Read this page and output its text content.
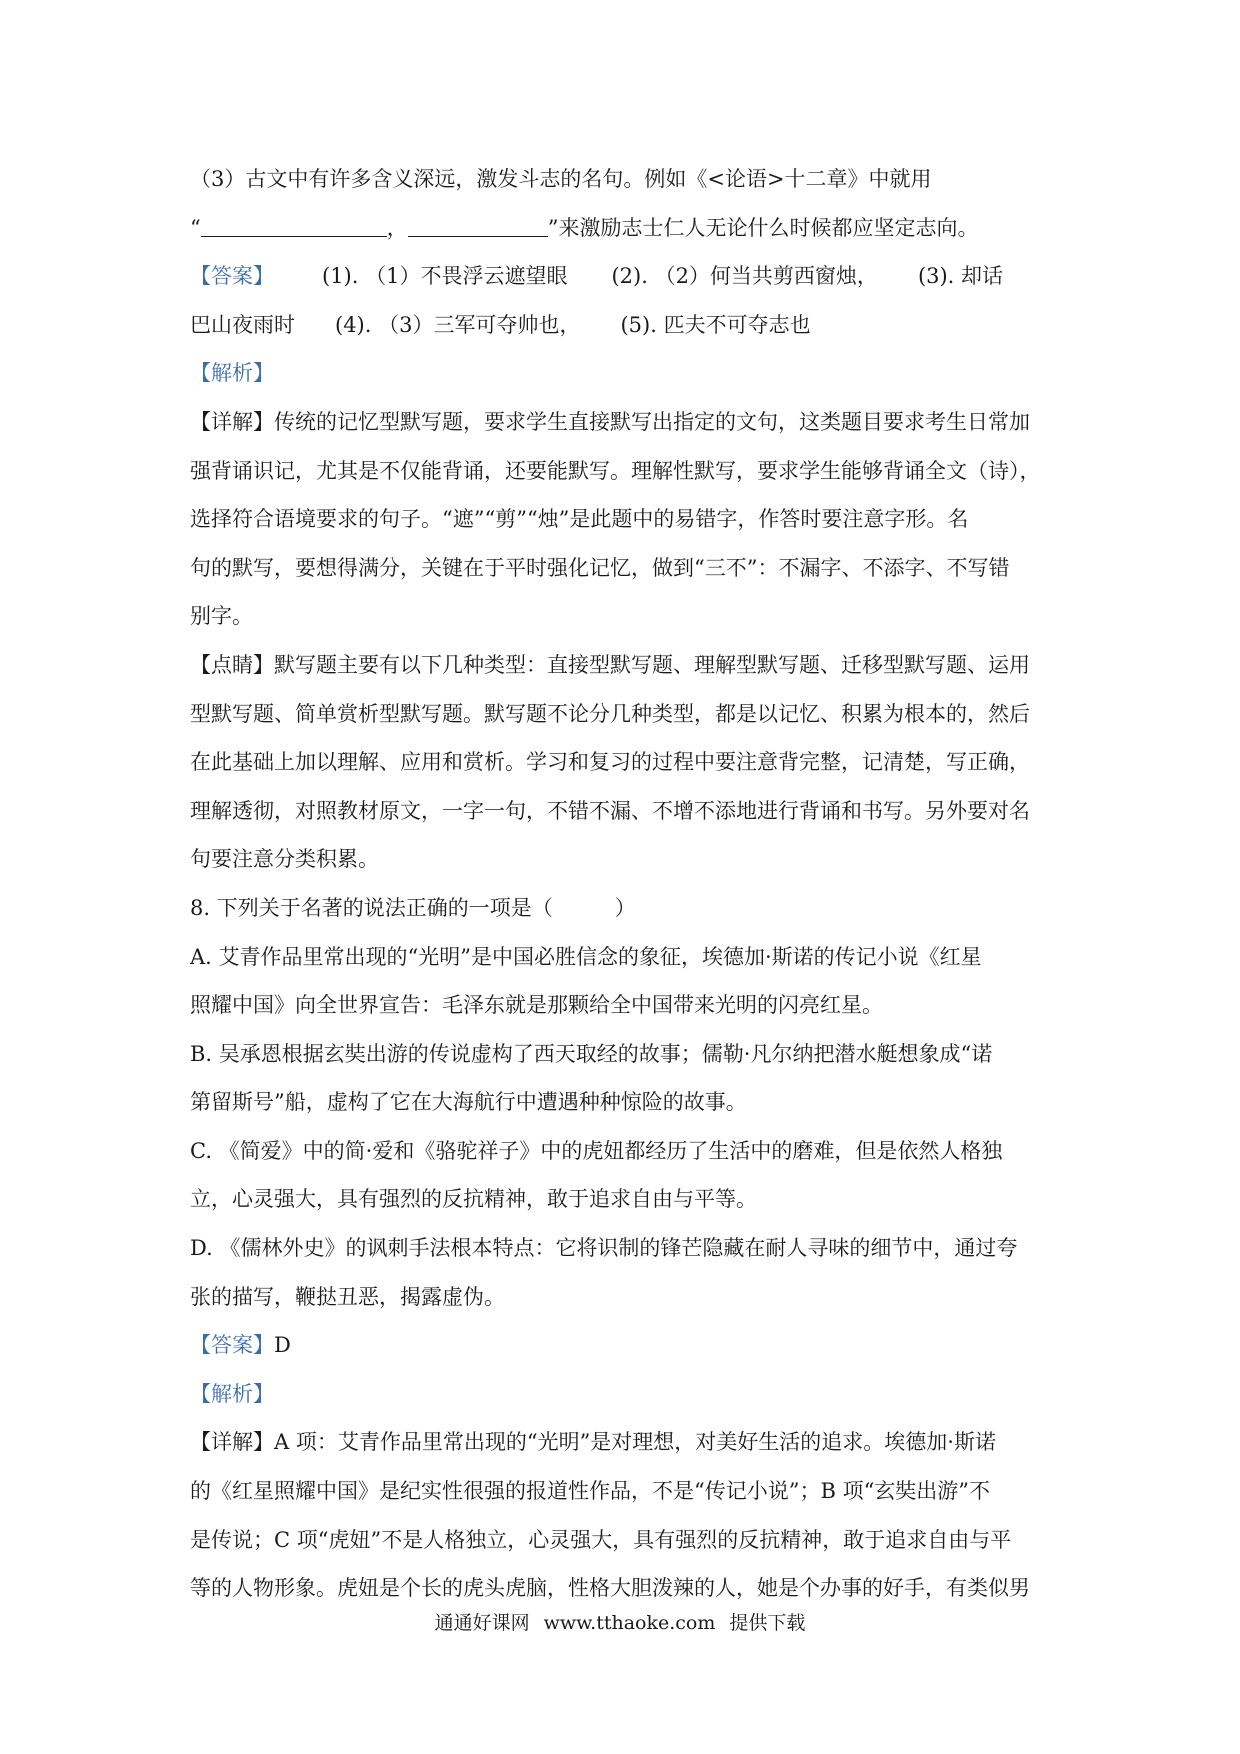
（3）古文中有许多含义深远，激发斗志的名句。例如《<论语>十二章》中就用
“	，	”来激励志士仁人无论什么时候都应坚定志向。
【答案】 (1). （1）不畏浮云遮望眼 (2). （2）何当共剪西窗烛， (3). 却话
巴山夜雨时 (4). （3）三军可夺帅也， (5). 匹夫不可夺志也
【解析】
【详解】传统的记忆型默写题，要求学生直接默写出指定的文句，这类题目要求考生日常加
强背诵识记，尤其是不仅能背诵，还要能默写。理解性默写，要求学生能够背诵全文（诗），
选择符合语境要求的句子。“遮”“剪”“烛”是此题中的易错字，作答时要注意字形。名
句的默写，要想得满分，关键在于平时强化记忆，做到“三不”：不漏字、不添字、不写错
别字。
【点睛】默写题主要有以下几种类型：直接型默写题、理解型默写题、迁移型默写题、运用
型默写题、简单赏析型默写题。默写题不论分几种类型，都是以记忆、积累为根本的，然后
在此基础上加以理解、应用和赏析。学习和复习的过程中要注意背完整，记清楚，写正确，
理解透彻，对照教材原文，一字一句，不错不漏、不增不添地进行背诵和书写。另外要对名
句要注意分类积累。
8. 下列关于名著的说法正确的一项是（	）
A. 艾青作品里常出现的“光明”是中国必胜信念的象征，埃德加·斯诺的传记小说《红星
照耀中国》向全世界宣告：毛泽东就是那颗给全中国带来光明的闪亮红星。
B. 吴承恩根据玄奘出游的传说虚构了西天取经的故事；儒勒·凡尔纳把潜水艇想象成“诺
第留斯号”船，虚构了它在大海航行中遭遇种种惊险的故事。
C. 《简爱》中的简·爱和《骆驼祥子》中的虎妞都经历了生活中的磨难，但是依然人格独
立，心灵强大，具有强烈的反抗精神，敢于追求自由与平等。
D. 《儒林外史》的讽刺手法根本特点：它将识制的锋芒隐藏在耐人寻味的细节中，通过夸
张的描写，鞭挞丑恶，揭露虚伪。
【答案】D
【解析】
【详解】A 项：艾青作品里常出现的“光明”是对理想，对美好生活的追求。埃德加·斯诺
的《红星照耀中国》是纪实性很强的报道性作品，不是“传记小说”；B 项“玄奘出游”不
是传说；C 项“虎妞”不是人格独立，心灵强大，具有强烈的反抗精神，敢于追求自由与平
等的人物形象。虎妞是个长的虎头虎脑，性格大胆泼辣的人，她是个办事的好手，有类似男
通通好课网 www.tthaoke.com 提供下载
